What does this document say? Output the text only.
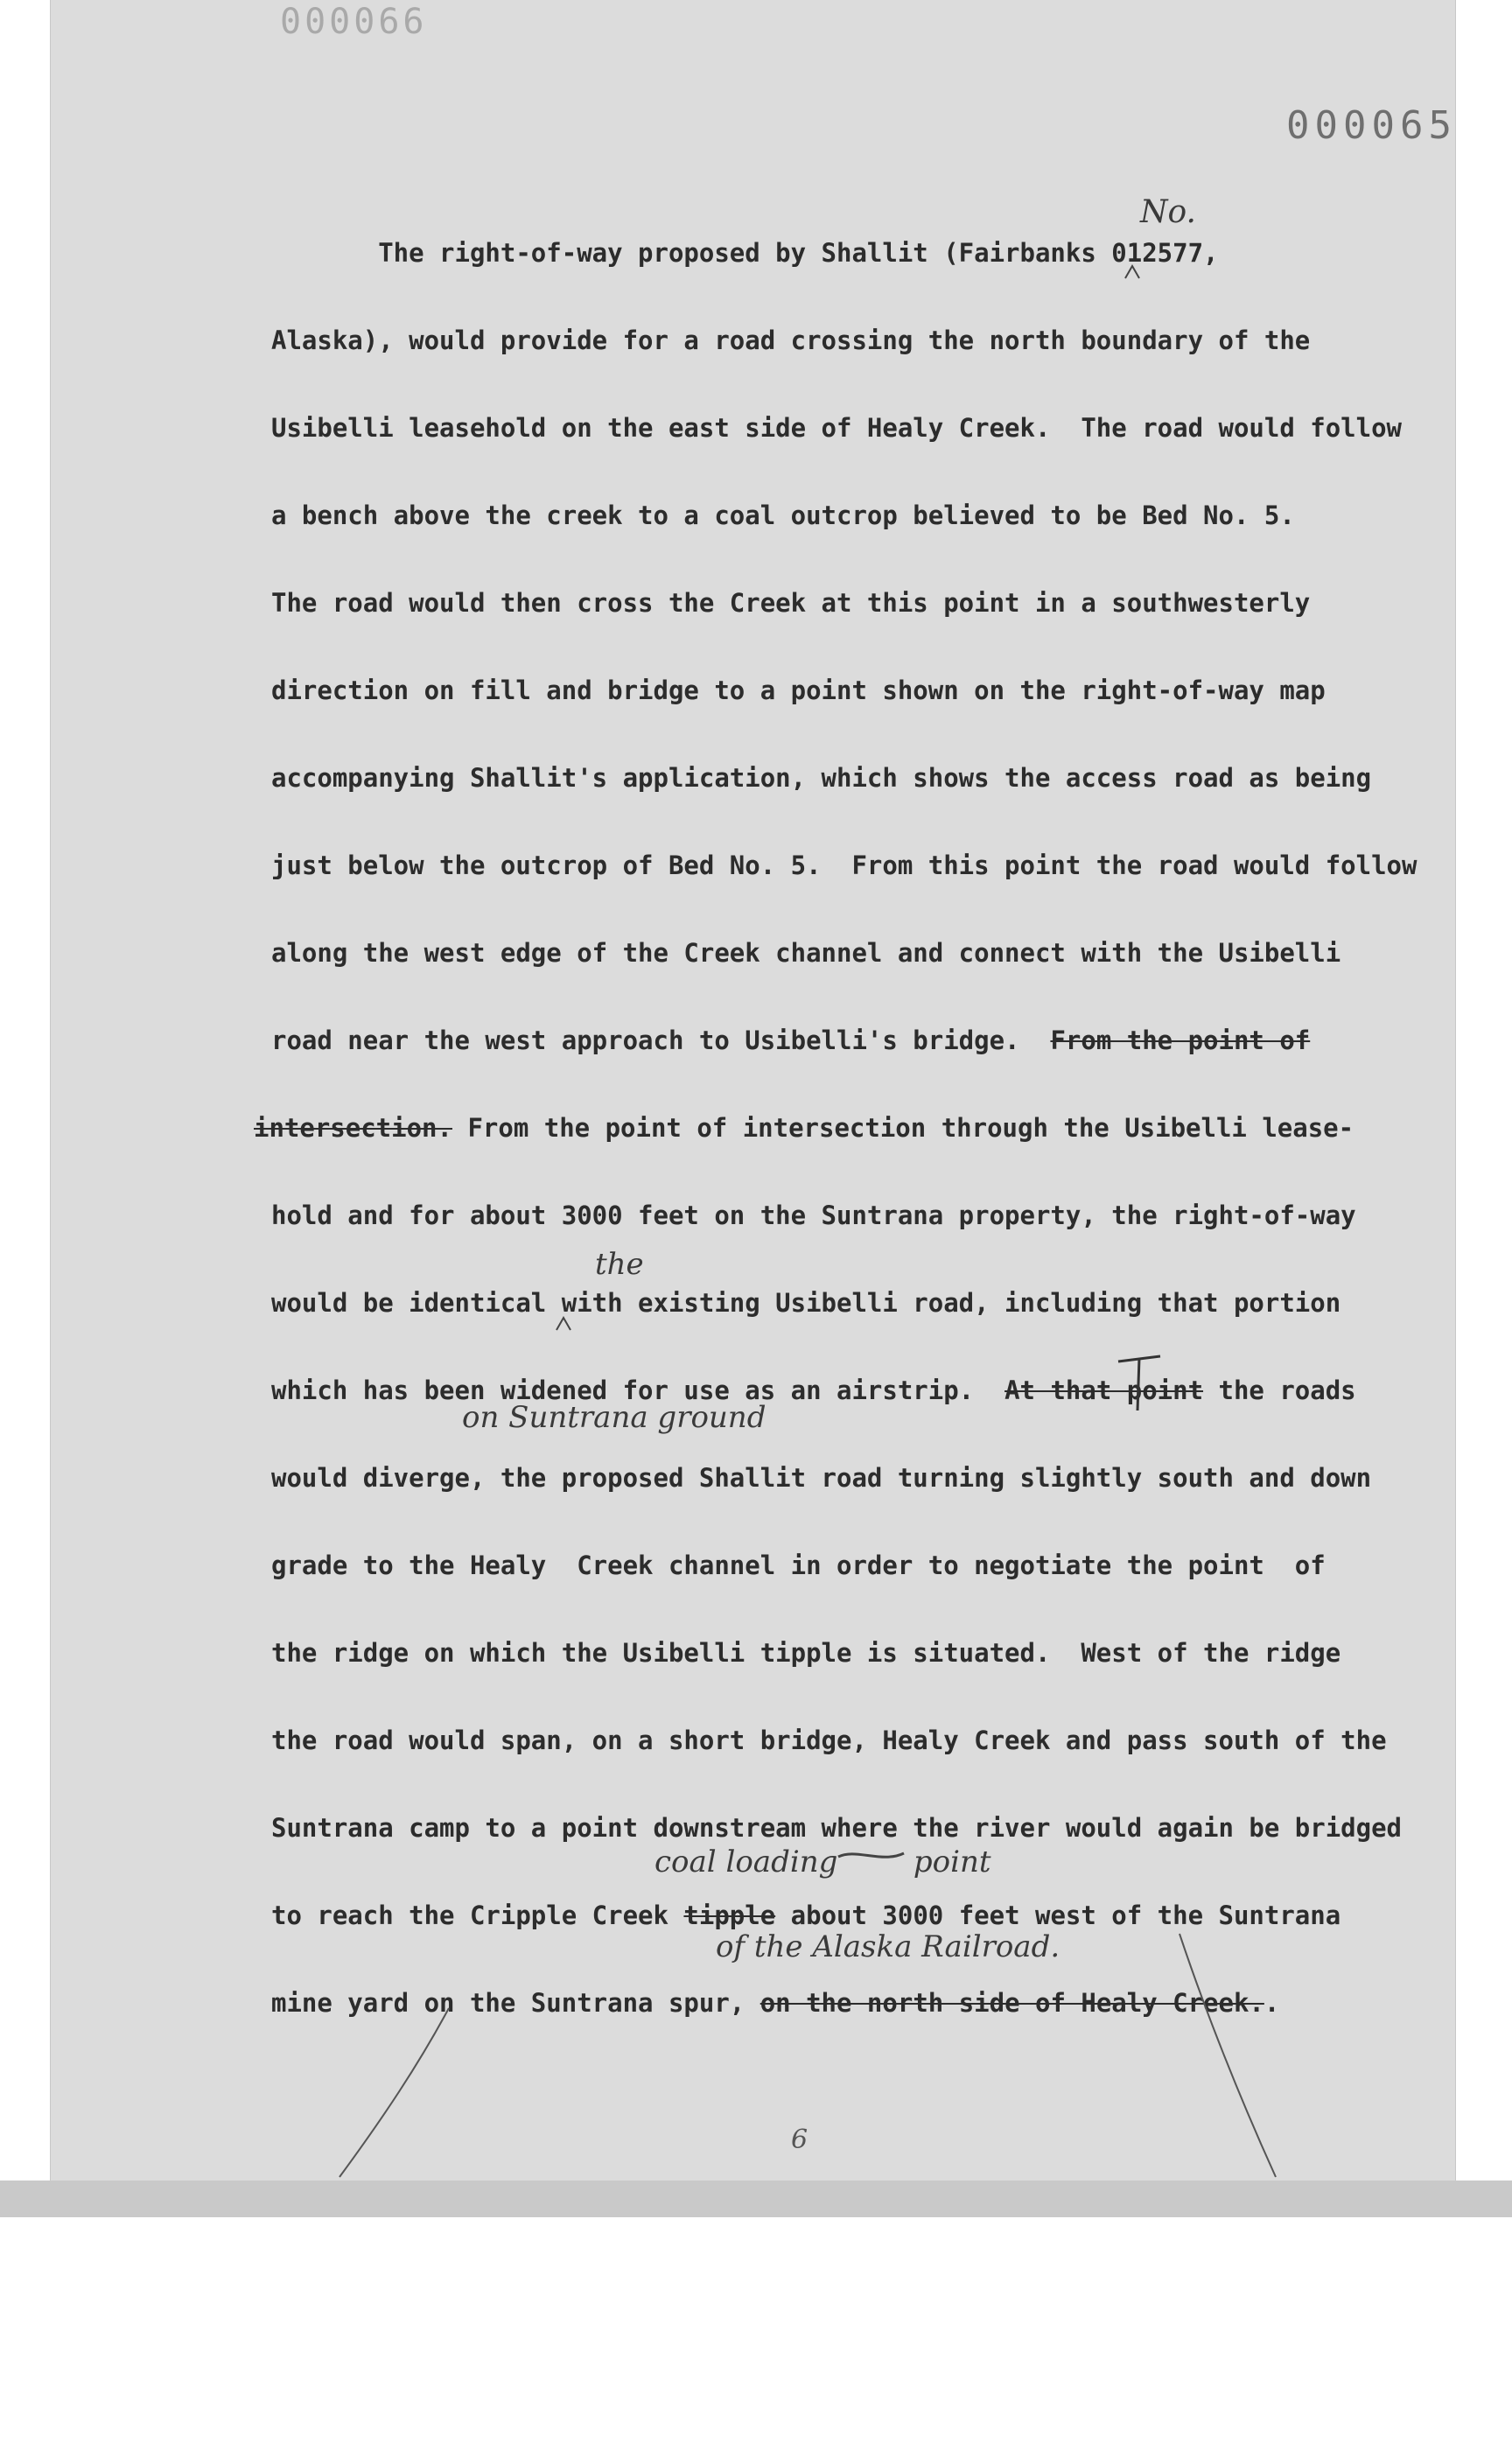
000066
000065
The right-of-way proposed by Shallit (Fairbanks 012577,
Alaska), would provide for a road crossing the north boundary of the
Usibelli leasehold on the east side of Healy Creek.  The road would follow
a bench above the creek to a coal outcrop believed to be Bed No. 5.
The road would then cross the Creek at this point in a southwesterly
direction on fill and bridge to a point shown on the right-of-way map
accompanying Shallit's application, which shows the access road as being
just below the outcrop of Bed No. 5.  From this point the road would follow
along the west edge of the Creek channel and connect with the Usibelli
road near the west approach to Usibelli's bridge. From the point of
intersection. From the point of intersection through the Usibelli lease-
hold and for about 3000 feet on the Suntrana property, the right-of-way
would be identical with existing Usibelli road, including that portion
which has been widened for use as an airstrip. At that point the roads
would diverge, the proposed Shallit road turning slightly south and down
grade to the Healy  Creek channel in order to negotiate the point  of
the ridge on which the Usibelli tipple is situated.  West of the ridge
the road would span, on a short bridge, Healy Creek and pass south of the
Suntrana camp to a point downstream where the river would again be bridged
to reach the Cripple Creek tipple about 3000 feet west of the Suntrana
mine yard on the Suntrana spur, on the north side of Healy Creek..
No.
the
on Suntrana ground
coal loading        point
of the Alaska Railroad.
6
